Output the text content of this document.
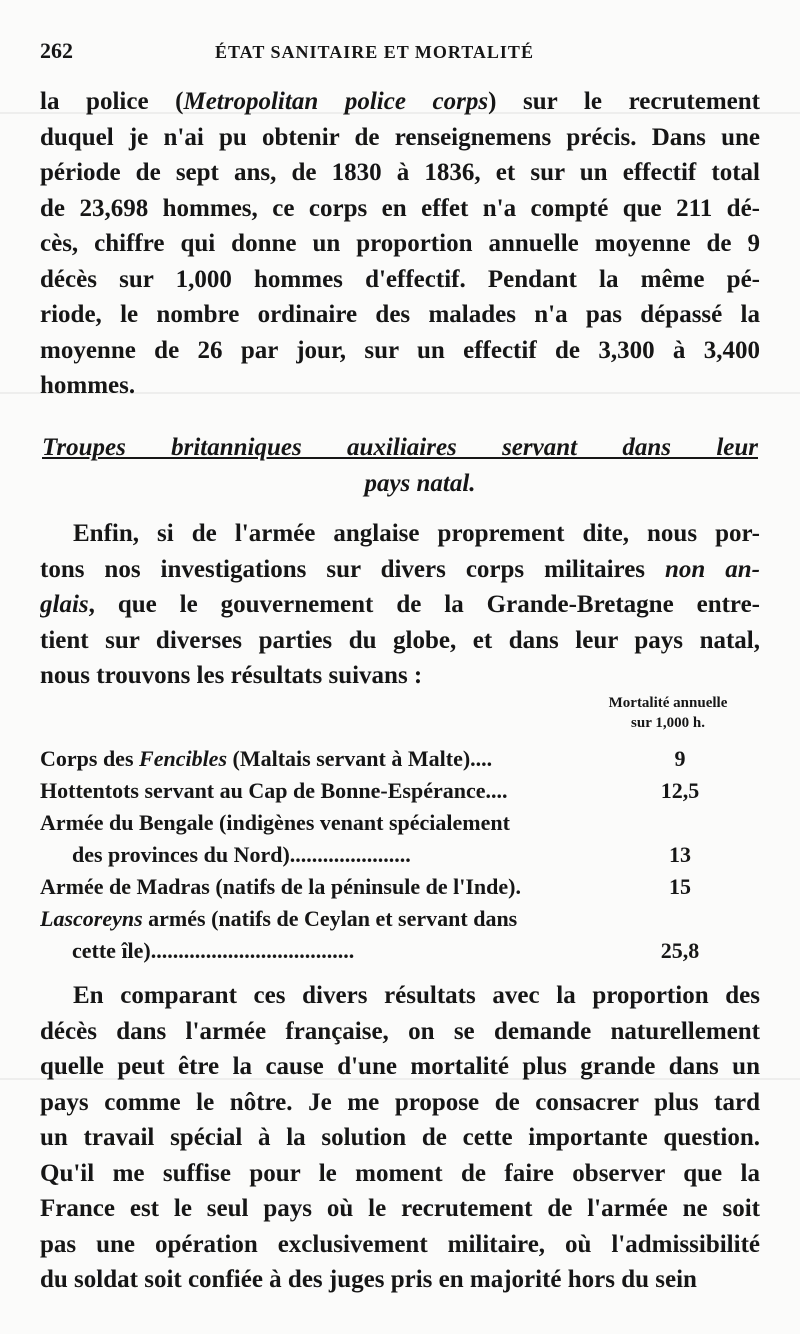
262	ÉTAT SANITAIRE ET MORTALITÉ
la police (Metropolitan police corps) sur le recrutement
duquel je n'ai pu obtenir de renseignemens précis. Dans une
période de sept ans, de 1830 à 1836, et sur un effectif total
de 23,698 hommes, ce corps en effet n'a compté que 211 dé-
cès, chiffre qui donne un proportion annuelle moyenne de 9
décès sur 1,000 hommes d'effectif. Pendant la même pé-
riode, le nombre ordinaire des malades n'a pas dépassé la
moyenne de 26 par jour, sur un effectif de 3,300 à 3,400
hommes.
Troupes britanniques auxiliaires servant dans leur
pays natal.
Enfin, si de l'armée anglaise proprement dite, nous por-
tons nos investigations sur divers corps militaires non an-
glais, que le gouvernement de la Grande-Bretagne entre-
tient sur diverses parties du globe, et dans leur pays natal,
nous trouvons les résultats suivans :
Mortalité annuelle
sur 1,000 h.
Corps des Fencibles (Maltais servant à Malte)....	9
Hottentots servant au Cap de Bonne-Espérance....	12,5
Armée du Bengale (indigènes venant spécialement
des provinces du Nord)......................	13
Armée de Madras (natifs de la péninsule de l'Inde).	15
Lascoreyns armés (natifs de Ceylan et servant dans
cette île).....................................	25,8
En comparant ces divers résultats avec la proportion des
décès dans l'armée française, on se demande naturellement
quelle peut être la cause d'une mortalité plus grande dans un
pays comme le nôtre. Je me propose de consacrer plus tard
un travail spécial à la solution de cette importante question.
Qu'il me suffise pour le moment de faire observer que la
France est le seul pays où le recrutement de l'armée ne soit
pas une opération exclusivement militaire, où l'admissibilité
du soldat soit confiée à des juges pris en majorité hors du sein
